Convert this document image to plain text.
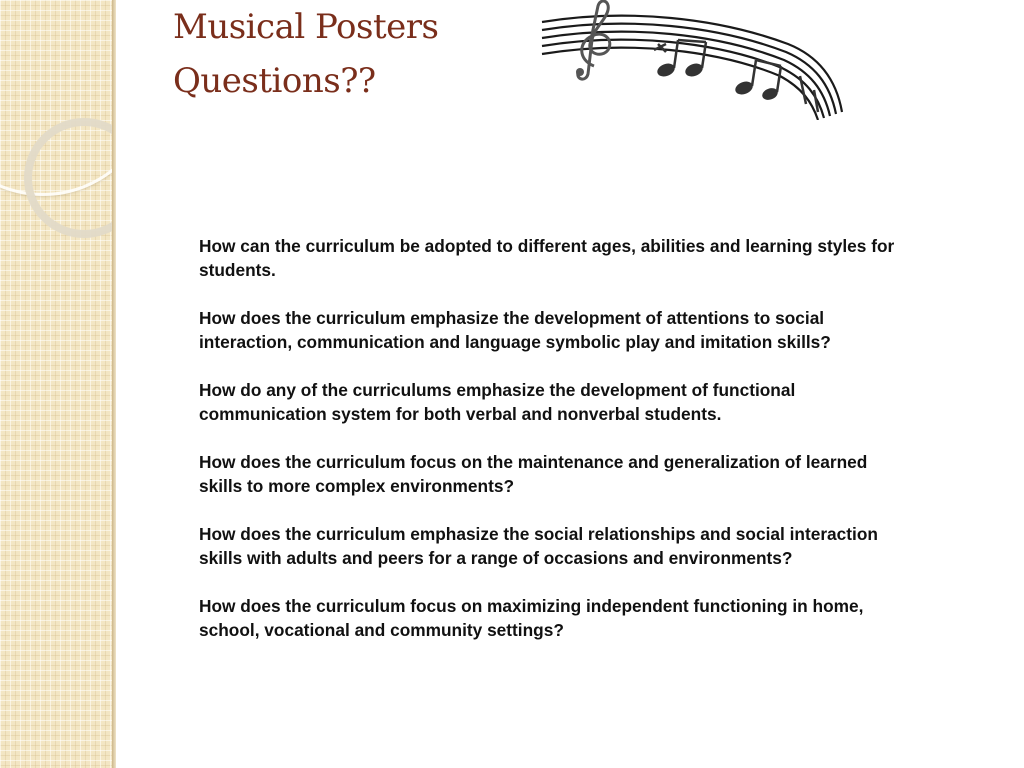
Musical Posters
Questions??
How can the curriculum be adopted to different ages, abilities and learning styles for students.
How does the curriculum emphasize the development of attentions to social interaction, communication and language symbolic play and imitation skills?
How do any of the curriculums emphasize the development of functional communication system for both verbal and nonverbal students.
How does the curriculum focus on the maintenance and generalization of learned skills to more complex environments?
How does the curriculum emphasize the social relationships and social interaction skills with adults and peers for a range of occasions and environments?
How does the curriculum focus on maximizing independent functioning in home, school, vocational and community settings?
